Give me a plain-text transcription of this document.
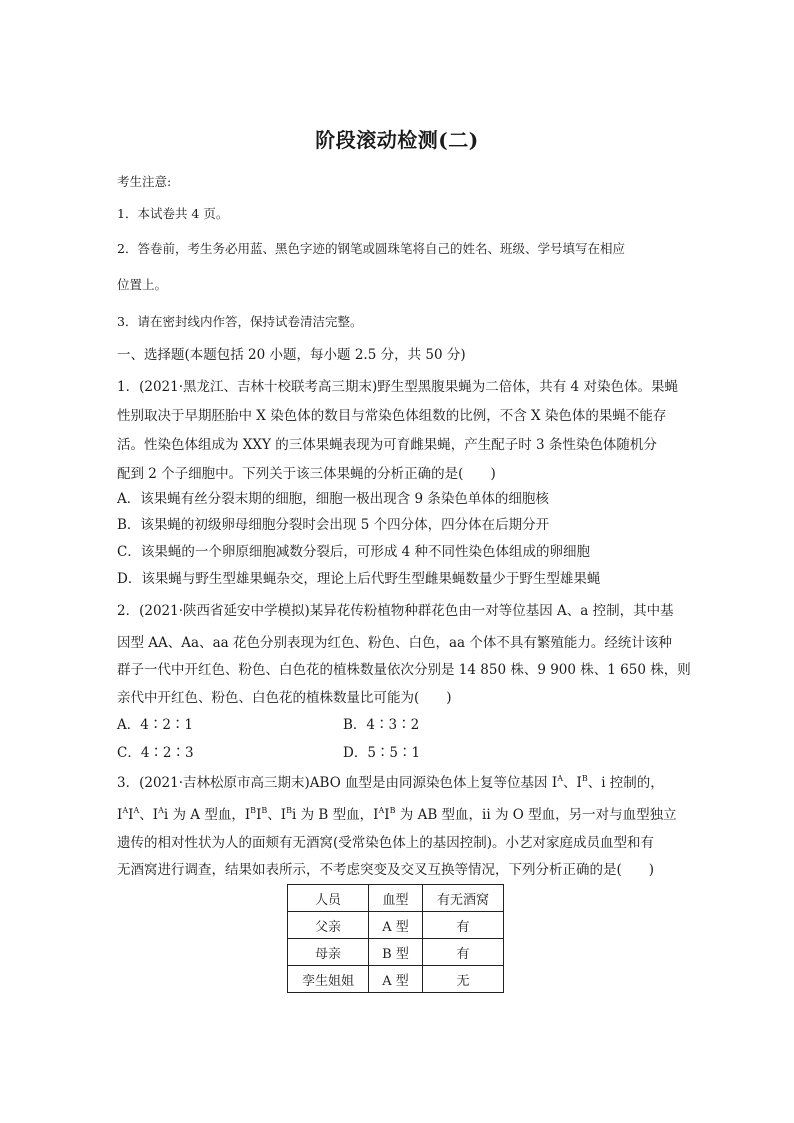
阶段滚动检测(二)
考生注意:
1．本试卷共 4 页。
2．答卷前，考生务必用蓝、黑色字迹的钢笔或圆珠笔将自己的姓名、班级、学号填写在相应
位置上。
3．请在密封线内作答，保持试卷清洁完整。
一、选择题(本题包括 20 小题，每小题 2.5 分，共 50 分)
1．(2021·黑龙江、吉林十校联考高三期末)野生型黑腹果蝇为二倍体，共有 4 对染色体。果蝇
性别取决于早期胚胎中 X 染色体的数目与常染色体组数的比例，不含 X 染色体的果蝇不能存
活。性染色体组成为 XXY 的三体果蝇表现为可育雌果蝇，产生配子时 3 条性染色体随机分
配到 2 个子细胞中。下列关于该三体果蝇的分析正确的是(　　)
A．该果蝇有丝分裂末期的细胞，细胞一极出现含 9 条染色单体的细胞核
B．该果蝇的初级卵母细胞分裂时会出现 5 个四分体，四分体在后期分开
C．该果蝇的一个卵原细胞减数分裂后，可形成 4 种不同性染色体组成的卵细胞
D．该果蝇与野生型雄果蝇杂交，理论上后代野生型雌果蝇数量少于野生型雄果蝇
2．(2021·陕西省延安中学模拟)某异花传粉植物种群花色由一对等位基因 A、a 控制，其中基
因型 AA、Aa、aa 花色分别表现为红色、粉色、白色，aa 个体不具有繁殖能力。经统计该种
群子一代中开红色、粉色、白色花的植株数量依次分别是 14 850 株、9 900 株、1 650 株，则
亲代中开红色、粉色、白色花的植株数量比可能为(　　)
A．4∶2∶1	B．4∶3∶2
C．4∶2∶3	D．5∶5∶1
3．(2021·吉林松原市高三期末)ABO 血型是由同源染色体上复等位基因 $I^A$、$I^B$、i 控制的，
$I^AI^A$、$I^Ai$ 为 A 型血，$I^BI^B$、$I^Bi$ 为 B 型血，$I^AI^B$ 为 AB 型血，ii 为 O 型血，另一对与血型独立
遗传的相对性状为人的面颊有无酒窝(受常染色体上的基因控制)。小艺对家庭成员血型和有
无酒窝进行调查，结果如表所示，不考虑突变及交叉互换等情况，下列分析正确的是(　　)
人员	血型	有无酒窝
父亲	A 型	有
母亲	B 型	有
孪生姐姐	A 型	无
